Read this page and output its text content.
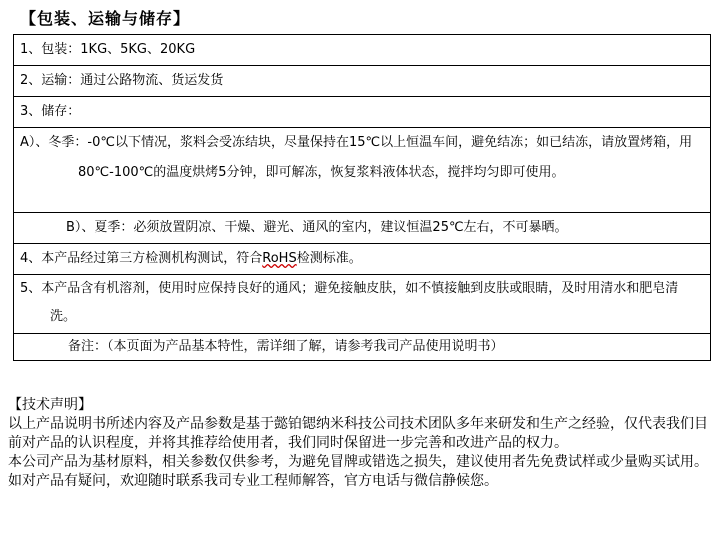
【包装、运输与储存】
1、包装：1KG、5KG、20KG

2、运输：通过公路物流、货运发货

3、储存：

A）、冬季：-0℃以下情况，浆料会受冻结块，尽量保持在15℃以上恒温车间，避免结冻；如已结冻，请放置烤箱，用80℃-100℃的温度烘烤5分钟，即可解冻，恢复浆料液体状态，搅拌均匀即可使用。

B）、夏季：必须放置阴凉、干燥、避光、通风的室内，建议恒温25℃左右，不可暴晒。

4、本产品经过第三方检测机构测试，符合RoHS检测标准。

5、本产品含有机溶剂，使用时应保持良好的通风；避免接触皮肤，如不慎接触到皮肤或眼睛，及时用清水和肥皂清洗。

备注：（本页面为产品基本特性，需详细了解，请参考我司产品使用说明书）

【技术声明】

以上产品说明书所述内容及产品参数是基于懿铂锶纳米科技公司技术团队多年来研发和生产之经验，仅代表我们目前对产品的认识程度，并将其推荐给使用者，我们同时保留进一步完善和改进产品的权力。

本公司产品为基材原料，相关参数仅供参考，为避免冒牌或错选之损失，建议使用者先免费试样或少量购买试用。如对产品有疑问，欢迎随时联系我司专业工程师解答，官方电话与微信静候您。
